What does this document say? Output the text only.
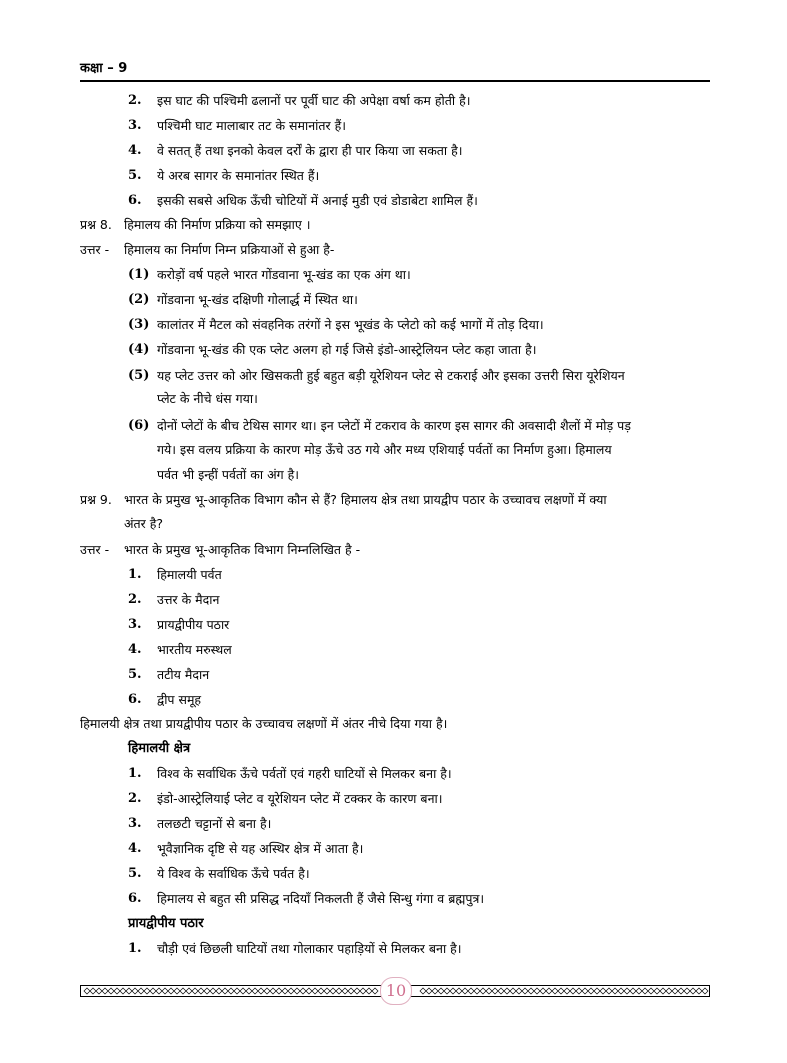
कक्षा – 9
2. इस घाट की पश्चिमी ढलानों पर पूर्वी घाट की अपेक्षा वर्षा कम होती है।
3. पश्चिमी घाट मालाबार तट के समानांतर हैं।
4. वे सतत् हैं तथा इनको केवल दर्रों के द्वारा ही पार किया जा सकता है।
5. ये अरब सागर के समानांतर स्थित हैं।
6. इसकी सबसे अधिक ऊँची चोटियों में अनाई मुडी एवं डोडाबेटा शामिल हैं।
प्रश्न 8. हिमालय की निर्माण प्रक्रिया को समझाए ।
उत्तर - हिमालय का निर्माण निम्न प्रक्रियाओं से हुआ है-
(1) करोड़ों वर्ष पहले भारत गोंडवाना भू-खंड का एक अंग था।
(2) गोंडवाना भू-खंड दक्षिणी गोलार्द्ध में स्थित था।
(3) कालांतर में मैटल को संवहनिक तरंगों ने इस भूखंड के प्लेटो को कई भागों में तोड़ दिया।
(4) गोंडवाना भू-खंड की एक प्लेट अलग हो गई जिसे इंडो-आस्ट्रेलियन प्लेट कहा जाता है।
(5) यह प्लेट उत्तर को ओर खिसकती हुई बहुत बड़ी यूरेशियन प्लेट से टकराई और इसका उत्तरी सिरा यूरेशियन
प्लेट के नीचे धंस गया।
(6) दोनों प्लेटों के बीच टेथिस सागर था। इन प्लेटों में टकराव के कारण इस सागर की अवसादी शैलों में मोड़ पड़
गये। इस वलय प्रक्रिया के कारण मोड़ ऊँचे उठ गये और मध्य एशियाई पर्वतों का निर्माण हुआ। हिमालय
पर्वत भी इन्हीं पर्वतों का अंग है।
प्रश्न 9. भारत के प्रमुख भू-आकृतिक विभाग कौन से हैं? हिमालय क्षेत्र तथा प्रायद्वीप पठार के उच्चावच लक्षणों में क्या
अंतर है?
उत्तर - भारत के प्रमुख भू-आकृतिक विभाग निम्नलिखित है -
1. हिमालयी पर्वत
2. उत्तर के मैदान
3. प्रायद्वीपीय पठार
4. भारतीय मरुस्थल
5. तटीय मैदान
6. द्वीप समूह
हिमालयी क्षेत्र तथा प्रायद्वीपीय पठार के उच्चावच लक्षणों में अंतर नीचे दिया गया है।
हिमालयी क्षेत्र
1. विश्व के सर्वाधिक ऊँचे पर्वतों एवं गहरी घाटियों से मिलकर बना है।
2. इंडो-आस्ट्रेलियाई प्लेट व यूरेशियन प्लेट में टक्कर के कारण बना।
3. तलछटी चट्टानों से बना है।
4. भूवैज्ञानिक दृष्टि से यह अस्थिर क्षेत्र में आता है।
5. ये विश्व के सर्वाधिक ऊँचे पर्वत है।
6. हिमालय से बहुत सी प्रसिद्ध नदियाँ निकलती हैं जैसे सिन्धु गंगा व ब्रह्मपुत्र।
प्रायद्वीपीय पठार
1. चौड़ी एवं छिछली घाटियों तथा गोलाकार पहाड़ियों से मिलकर बना है।
10
